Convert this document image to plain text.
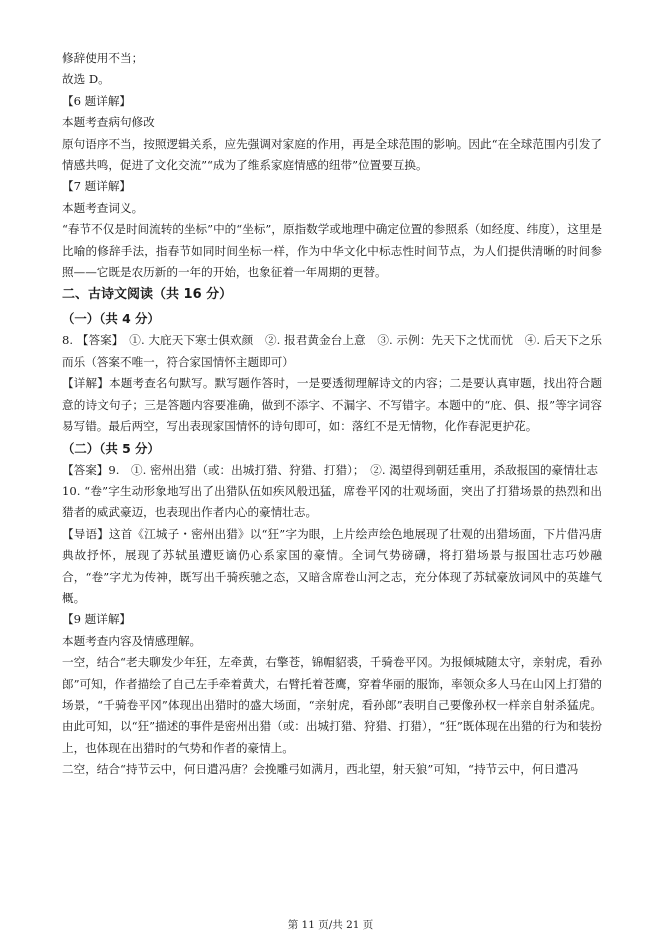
修辞使用不当；

故选 D。

【6 题详解】

本题考查病句修改

原句语序不当，按照逻辑关系，应先强调对家庭的作用，再是全球范围的影响。因此“在全球范围内引发了情感共鸣，促进了文化交流”“成为了维系家庭情感的纽带”位置要互换。

【7 题详解】

本题考查词义。

“春节不仅是时间流转的坐标”中的“坐标”，原指数学或地理中确定位置的参照系（如经度、纬度），这里是比喻的修辞手法，指春节如同时间坐标一样，作为中华文化中标志性时间节点，为人们提供清晰的时间参照——它既是农历新的一年的开始，也象征着一年周期的更替。

二、古诗文阅读（共 16 分）
（一）（共 4 分）

8. 【答案】　①. 大庇天下寒士俱欢颜　②. 报君黄金台上意　③. 示例：先天下之忧而忧　④. 后天下之乐而乐（答案不唯一，符合家国情怀主题即可）

【详解】本题考查名句默写。默写题作答时，一是要透彻理解诗文的内容；二是要认真审题，找出符合题意的诗文句子；三是答题内容要准确，做到不添字、不漏字、不写错字。本题中的“庇、俱、报”等字词容易写错。最后两空，写出表现家国情怀的诗句即可，如：落红不是无情物，化作春泥更护花。

（二）（共 5 分）

【答案】9.　①. 密州出猎（或：出城打猎、狩猎、打猎）；　②. 渴望得到朝廷重用，杀敌报国的豪情壮志

10. “卷”字生动形象地写出了出猎队伍如疾风般迅猛，席卷平冈的壮观场面，突出了打猎场景的热烈和出猎者的威武豪迈，也表现出作者内心的豪情壮志。

【导语】这首《江城子・密州出猎》以“狂”字为眼，上片绘声绘色地展现了壮观的出猎场面，下片借冯唐典故抒怀，展现了苏轼虽遭贬谪仍心系家国的豪情。全词气势磅礴，将打猎场景与报国壮志巧妙融合，“卷”字尤为传神，既写出千骑疾驰之态，又暗含席卷山河之志，充分体现了苏轼豪放词风中的英雄气概。

【9 题详解】

本题考查内容及情感理解。

一空，结合“老夫聊发少年狂，左牵黄，右擎苍，锦帽貂裘，千骑卷平冈。为报倾城随太守，亲射虎，看孙郎”可知，作者描绘了自己左手牵着黄犬，右臂托着苍鹰，穿着华丽的服饰，率领众多人马在山冈上打猎的场景，“千骑卷平冈”体现出出猎时的盛大场面，“亲射虎，看孙郎”表明自己要像孙权一样亲自射杀猛虎。由此可知，以“狂”描述的事件是密州出猎（或：出城打猎、狩猎、打猎），“狂”既体现在出猎的行为和装扮上，也体现在出猎时的气势和作者的豪情上。

二空，结合“持节云中，何日遣冯唐？会挽雕弓如满月，西北望，射天狼”可知，“持节云中，何日遣冯

第 11 页/共 21 页
